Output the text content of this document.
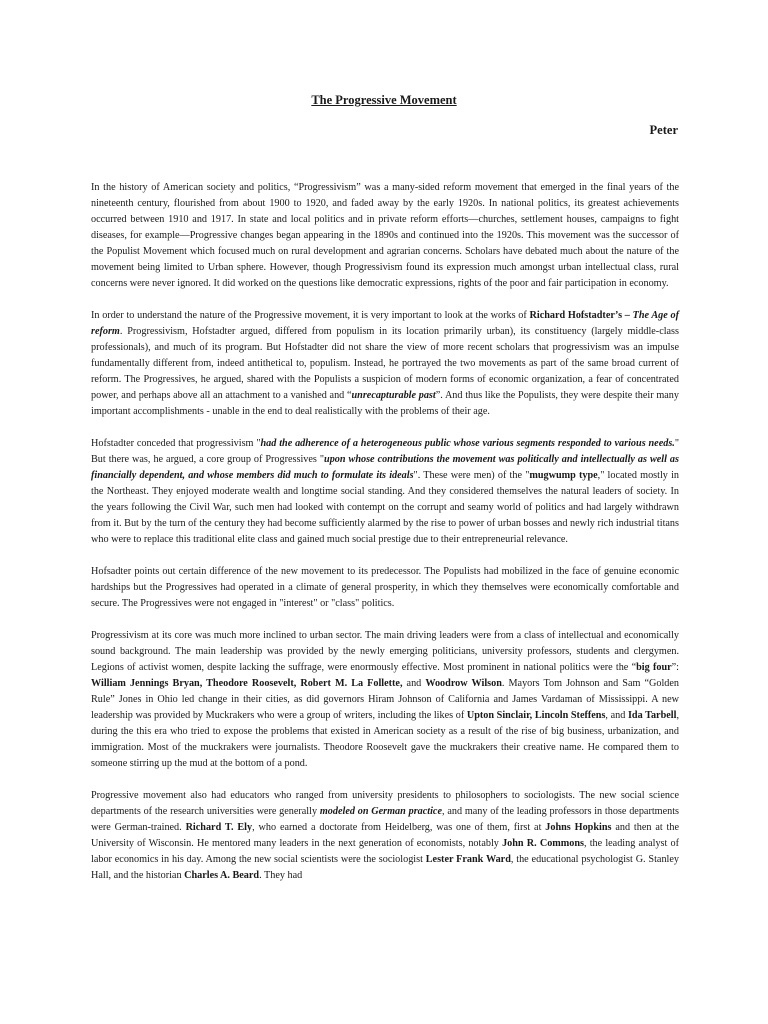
The Progressive Movement
Peter

In the history of American society and politics, “Progressivism” was a many-sided reform movement that emerged in the final years of the nineteenth century, flourished from about 1900 to 1920, and faded away by the early 1920s. In national politics, its greatest achievements occurred between 1910 and 1917. In state and local politics and in private reform efforts—churches, settlement houses, campaigns to fight diseases, for example—Progressive changes began appearing in the 1890s and continued into the 1920s. This movement was the successor of the Populist Movement which focused much on rural development and agrarian concerns. Scholars have debated much about the nature of the movement being limited to Urban sphere. However, though Progressivism found its expression much amongst urban intellectual class, rural concerns were never ignored. It did worked on the questions like democratic expressions, rights of the poor and fair participation in economy.

In order to understand the nature of the Progressive movement, it is very important to look at the works of Richard Hofstadter’s – The Age of reform. Progressivism, Hofstadter argued, differed from populism in its location primarily urban), its constituency (largely middle-class professionals), and much of its program. But Hofstadter did not share the view of more recent scholars that progressivism was an impulse fundamentally different from, indeed antithetical to, populism. Instead, he portrayed the two movements as part of the same broad current of reform. The Progressives, he argued, shared with the Populists a suspicion of modern forms of economic organization, a fear of concentrated power, and perhaps above all an attachment to a vanished and “unrecapturable past”. And thus like the Populists, they were despite their many important accomplishments - unable in the end to deal realistically with the problems of their age.

Hofstadter conceded that progressivism "had the adherence of a heterogeneous public whose various segments responded to various needs." But there was, he argued, a core group of Progressives "upon whose contributions the movement was politically and intellectually as well as financially dependent, and whose members did much to formulate its ideals". These were men) of the "mugwump type," located mostly in the Northeast. They enjoyed moderate wealth and longtime social standing. And they considered themselves the natural leaders of society. In the years following the Civil War, such men had looked with contempt on the corrupt and seamy world of politics and had largely withdrawn from it. But by the turn of the century they had become sufficiently alarmed by the rise to power of urban bosses and newly rich industrial titans who were to replace this traditional elite class and gained much social prestige due to their entrepreneurial relevance.

Hofsadter points out certain difference of the new movement to its predecessor. The Populists had mobilized in the face of genuine economic hardships but the Progressives had operated in a climate of general prosperity, in which they themselves were economically comfortable and secure. The Progressives were not engaged in "interest" or "class" politics.

Progressivism at its core was much more inclined to urban sector. The main driving leaders were from a class of intellectual and economically sound background. The main leadership was provided by the newly emerging politicians, university professors, students and clergymen. Legions of activist women, despite lacking the suffrage, were enormously effective. Most prominent in national politics were the “big four”: William Jennings Bryan, Theodore Roosevelt, Robert M. La Follette, and Woodrow Wilson. Mayors Tom Johnson and Sam “Golden Rule” Jones in Ohio led change in their cities, as did governors Hiram Johnson of California and James Vardaman of Mississippi. A new leadership was provided by Muckrakers who were a group of writers, including the likes of Upton Sinclair, Lincoln Steffens, and Ida Tarbell, during the this era who tried to expose the problems that existed in American society as a result of the rise of big business, urbanization, and immigration. Most of the muckrakers were journalists. Theodore Roosevelt gave the muckrakers their creative name. He compared them to someone stirring up the mud at the bottom of a pond.

Progressive movement also had educators who ranged from university presidents to philosophers to sociologists. The new social science departments of the research universities were generally modeled on German practice, and many of the leading professors in those departments were German-trained. Richard T. Ely, who earned a doctorate from Heidelberg, was one of them, first at Johns Hopkins and then at the University of Wisconsin. He mentored many leaders in the next generation of economists, notably John R. Commons, the leading analyst of labor economics in his day. Among the new social scientists were the sociologist Lester Frank Ward, the educational psychologist G. Stanley Hall, and the historian Charles A. Beard. They had
